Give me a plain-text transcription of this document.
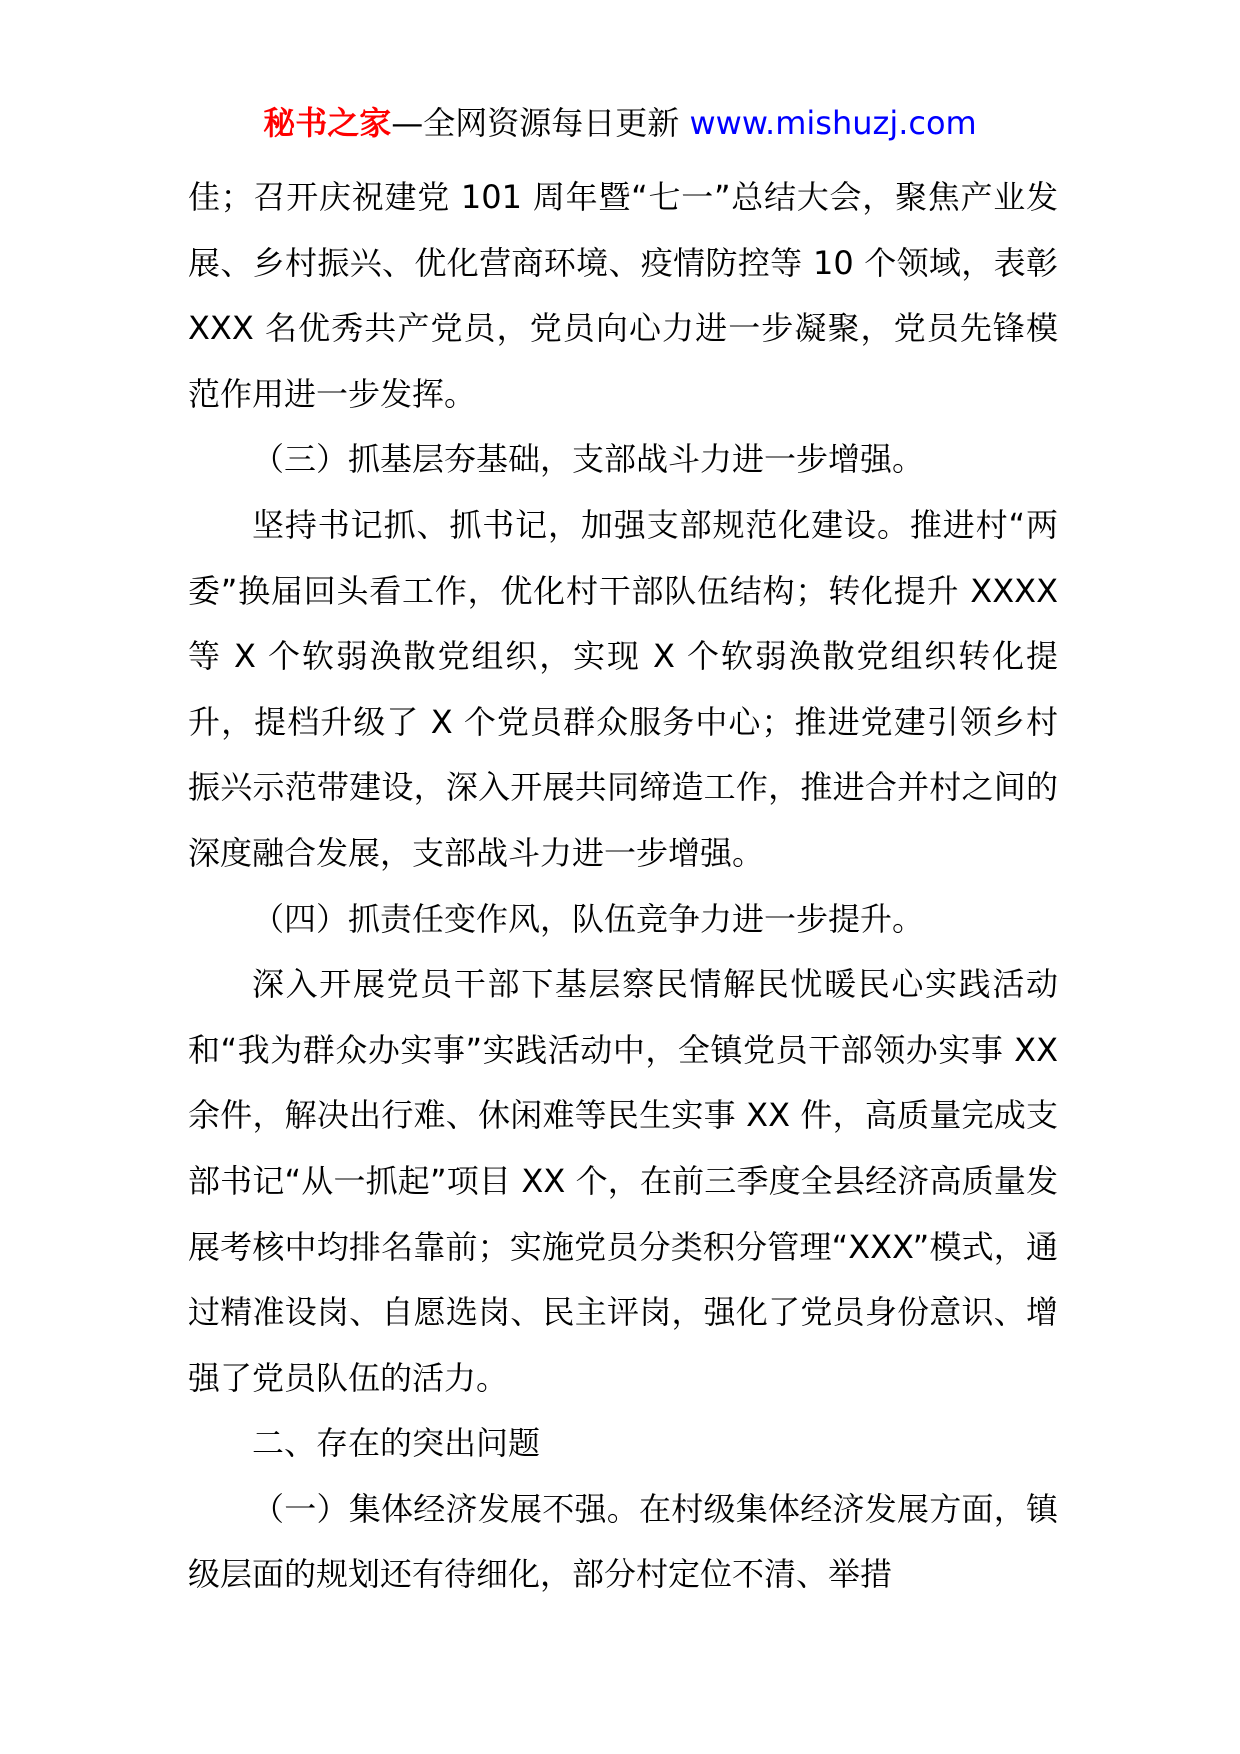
秘书之家—全网资源每日更新 www.mishuzj.com

佳；召开庆祝建党 101 周年暨“七一”总结大会，聚焦产业发展、乡村振兴、优化营商环境、疫情防控等 10 个领域，表彰 XXX 名优秀共产党员，党员向心力进一步凝聚，党员先锋模范作用进一步发挥。

（三）抓基层夯基础，支部战斗力进一步增强。

坚持书记抓、抓书记，加强支部规范化建设。推进村“两委”换届回头看工作，优化村干部队伍结构；转化提升 XXXX 等 X 个软弱涣散党组织，实现 X 个软弱涣散党组织转化提升，提档升级了 X 个党员群众服务中心；推进党建引领乡村振兴示范带建设，深入开展共同缔造工作，推进合并村之间的深度融合发展，支部战斗力进一步增强。

（四）抓责任变作风，队伍竞争力进一步提升。

深入开展党员干部下基层察民情解民忧暖民心实践活动和“我为群众办实事”实践活动中，全镇党员干部领办实事 XX 余件，解决出行难、休闲难等民生实事 XX 件，高质量完成支部书记“从一抓起”项目 XX 个，在前三季度全县经济高质量发展考核中均排名靠前；实施党员分类积分管理“XXX”模式，通过精准设岗、自愿选岗、民主评岗，强化了党员身份意识、增强了党员队伍的活力。

二、存在的突出问题

（一）集体经济发展不强。在村级集体经济发展方面，镇级层面的规划还有待细化，部分村定位不清、举措
